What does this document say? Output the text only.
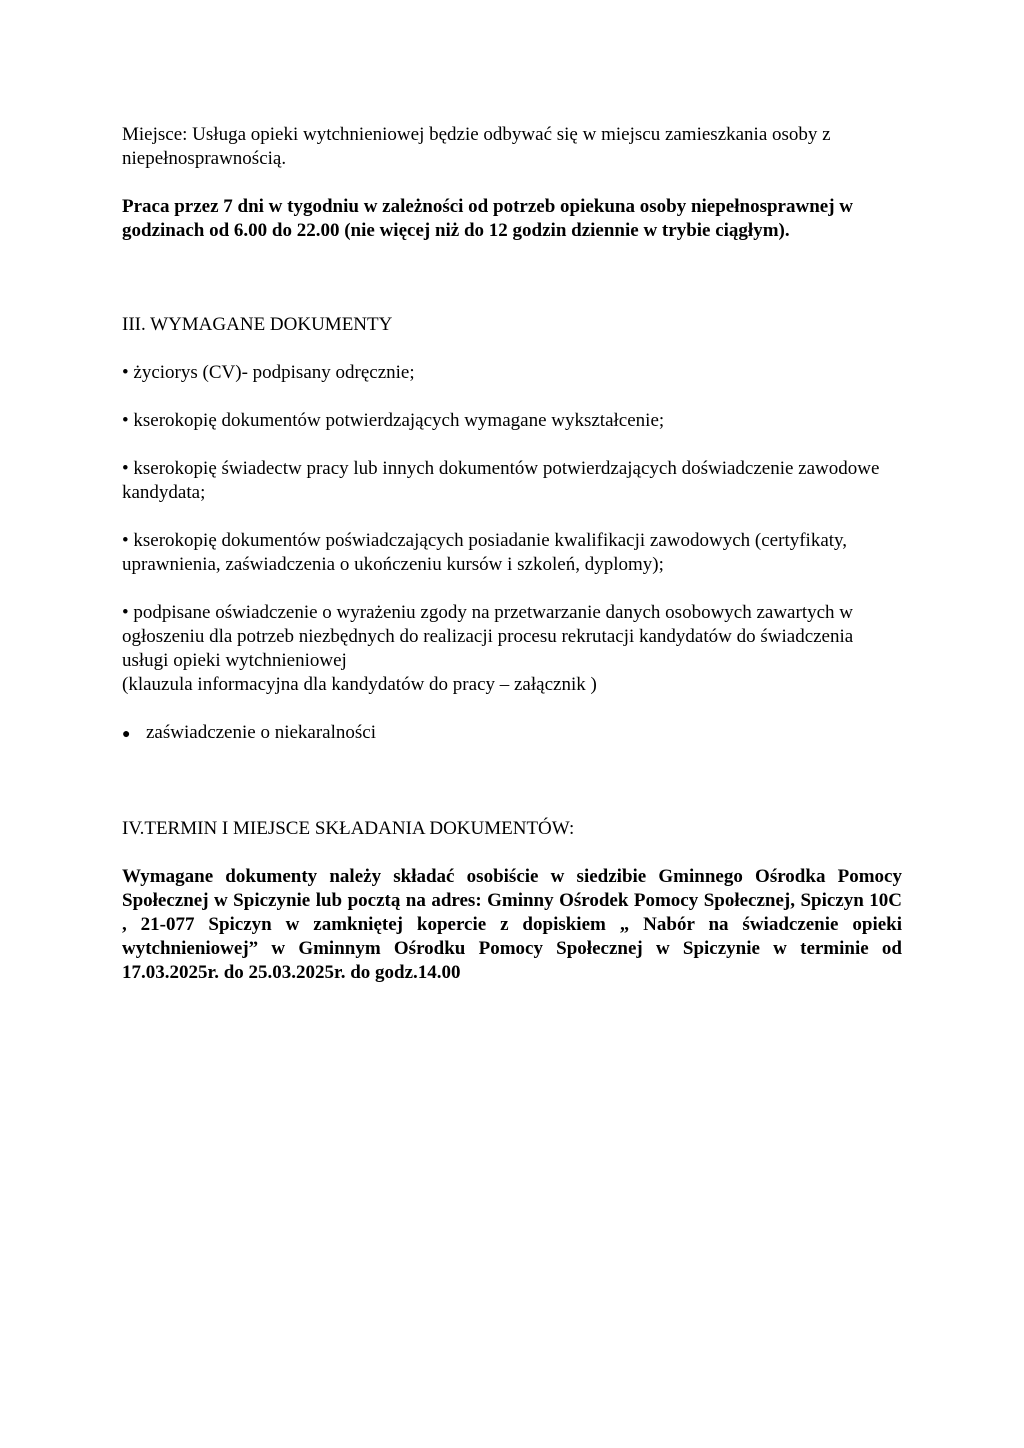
Miejsce: Usługa opieki wytchnieniowej będzie odbywać się w miejscu zamieszkania osoby z niepełnosprawnością.

Praca przez 7 dni w tygodniu w zależności od potrzeb opiekuna osoby niepełnosprawnej w godzinach od 6.00 do 22.00 (nie więcej niż do 12 godzin dziennie w trybie ciągłym).

III. WYMAGANE DOKUMENTY

• życiorys (CV)- podpisany odręcznie;

• kserokopię dokumentów potwierdzających wymagane wykształcenie;

• kserokopię świadectw pracy lub innych dokumentów potwierdzających doświadczenie zawodowe kandydata;

• kserokopię dokumentów poświadczających posiadanie kwalifikacji zawodowych (certyfikaty, uprawnienia, zaświadczenia o ukończeniu kursów i szkoleń, dyplomy);

• podpisane oświadczenie o wyrażeniu zgody na przetwarzanie danych osobowych zawartych w ogłoszeniu dla potrzeb niezbędnych do realizacji procesu rekrutacji kandydatów do świadczenia usługi opieki wytchnieniowej

(klauzula informacyjna dla kandydatów do pracy – załącznik )

● zaświadczenie o niekaralności

IV.TERMIN I MIEJSCE SKŁADANIA DOKUMENTÓW:

Wymagane dokumenty należy składać osobiście w siedzibie Gminnego Ośrodka Pomocy Społecznej w Spiczynie lub pocztą na adres: Gminny Ośrodek Pomocy Społecznej, Spiczyn 10C , 21-077 Spiczyn w zamkniętej kopercie z dopiskiem „ Nabór na świadczenie opieki wytchnieniowej” w Gminnym Ośrodku Pomocy Społecznej w Spiczynie w terminie od 17.03.2025r. do 25.03.2025r. do godz.14.00
